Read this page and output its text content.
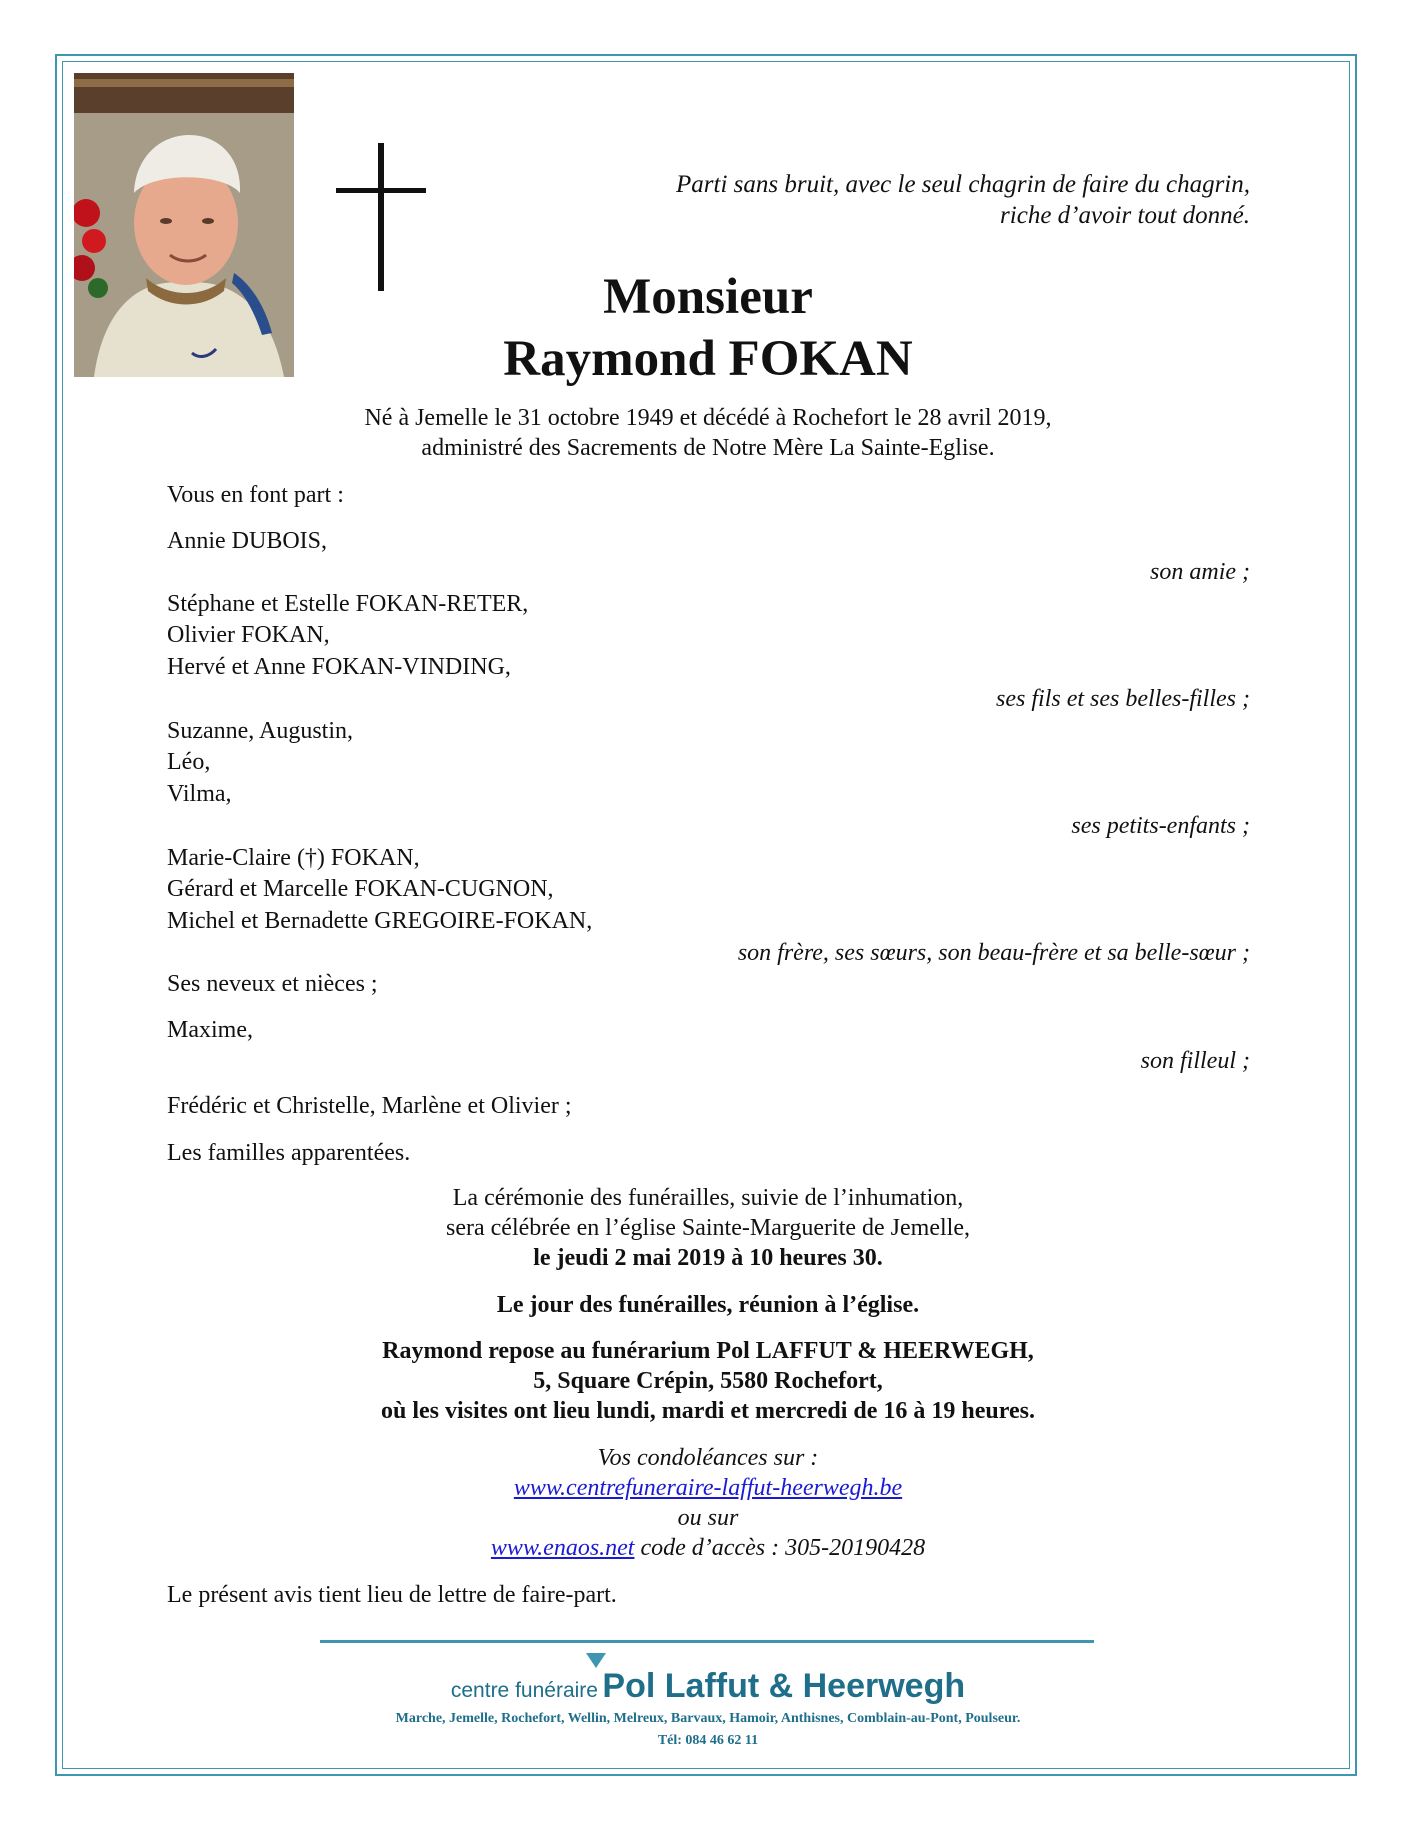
Parti sans bruit, avec le seul chagrin de faire du chagrin,
riche d’avoir tout donné.
Monsieur
Raymond FOKAN
Né à Jemelle le 31 octobre 1949 et décédé à Rochefort le 28 avril 2019,
administré des Sacrements de Notre Mère La Sainte-Eglise.
Vous en font part :
Annie DUBOIS,
son amie ;
Stéphane et Estelle FOKAN-RETER,
Olivier FOKAN,
Hervé et Anne FOKAN-VINDING,
ses fils et ses belles-filles ;
Suzanne, Augustin,
Léo,
Vilma,
ses petits-enfants ;
Marie-Claire (†) FOKAN,
Gérard et Marcelle FOKAN-CUGNON,
Michel et Bernadette GREGOIRE-FOKAN,
son frère, ses sœurs, son beau-frère et sa belle-sœur ;
Ses neveux et nièces ;
Maxime,
son filleul ;
Frédéric et Christelle, Marlène et Olivier ;
Les familles apparentées.
La cérémonie des funérailles, suivie de l’inhumation,
sera célébrée en l’église Sainte-Marguerite de Jemelle,
le jeudi 2 mai 2019 à 10 heures 30.
Le jour des funérailles, réunion à l’église.
Raymond repose au funérarium Pol LAFFUT & HEERWEGH,
5, Square Crépin, 5580 Rochefort,
où les visites ont lieu lundi, mardi et mercredi de 16 à 19 heures.
Vos condoléances sur :
www.centrefuneraire-laffut-heerwegh.be
ou sur
www.enaos.net code d’accès : 305-20190428
Le présent avis tient lieu de lettre de faire-part.
centre funéraire Pol Laffut & Heerwegh
Marche, Jemelle, Rochefort, Wellin, Melreux, Barvaux, Hamoir, Anthisnes, Comblain-au-Pont, Poulseur.
Tél: 084 46 62 11
